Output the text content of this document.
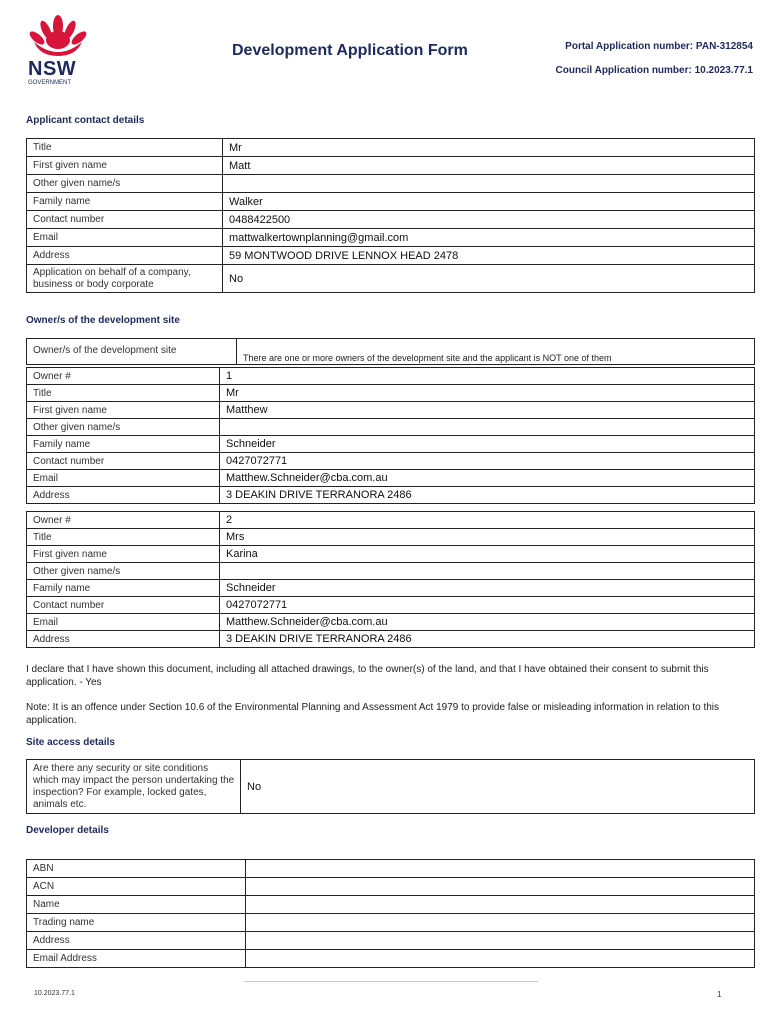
NSW
GOVERNMENT
Development Application Form	Portal Application number: PAN-312854
Council Application number: 10.2023.77.1
Applicant contact details
Title	Mr
First given name	Matt
Other given name/s	
Family name	Walker
Contact number	0488422500
Email	mattwalkertownplanning@gmail.com
Address	59 MONTWOOD DRIVE LENNOX HEAD 2478
Application on behalf of a company, business or body corporate	No
Owner/s of the development site
Owner/s of the development site	There are one or more owners of the development site and the applicant is NOT one of them
Owner #	1
Title	Mr
First given name	Matthew
Other given name/s	
Family name	Schneider
Contact number	0427072771
Email	Matthew.Schneider@cba.com.au
Address	3 DEAKIN DRIVE TERRANORA 2486
Owner #	2
Title	Mrs
First given name	Karina
Other given name/s	
Family name	Schneider
Contact number	0427072771
Email	Matthew.Schneider@cba.com.au
Address	3 DEAKIN DRIVE TERRANORA 2486
I declare that I have shown this document, including all attached drawings, to the owner(s) of the land, and that I have obtained their consent to submit this application. - Yes
Note: It is an offence under Section 10.6 of the Environmental Planning and Assessment Act 1979 to provide false or misleading information in relation to this application.
Site access details
Are there any security or site conditions which may impact the person undertaking the inspection? For example, locked gates, animals etc.	No
Developer details
ABN	
ACN	
Name	
Trading name	
Address	
Email Address	
10.2023.77.1	1
